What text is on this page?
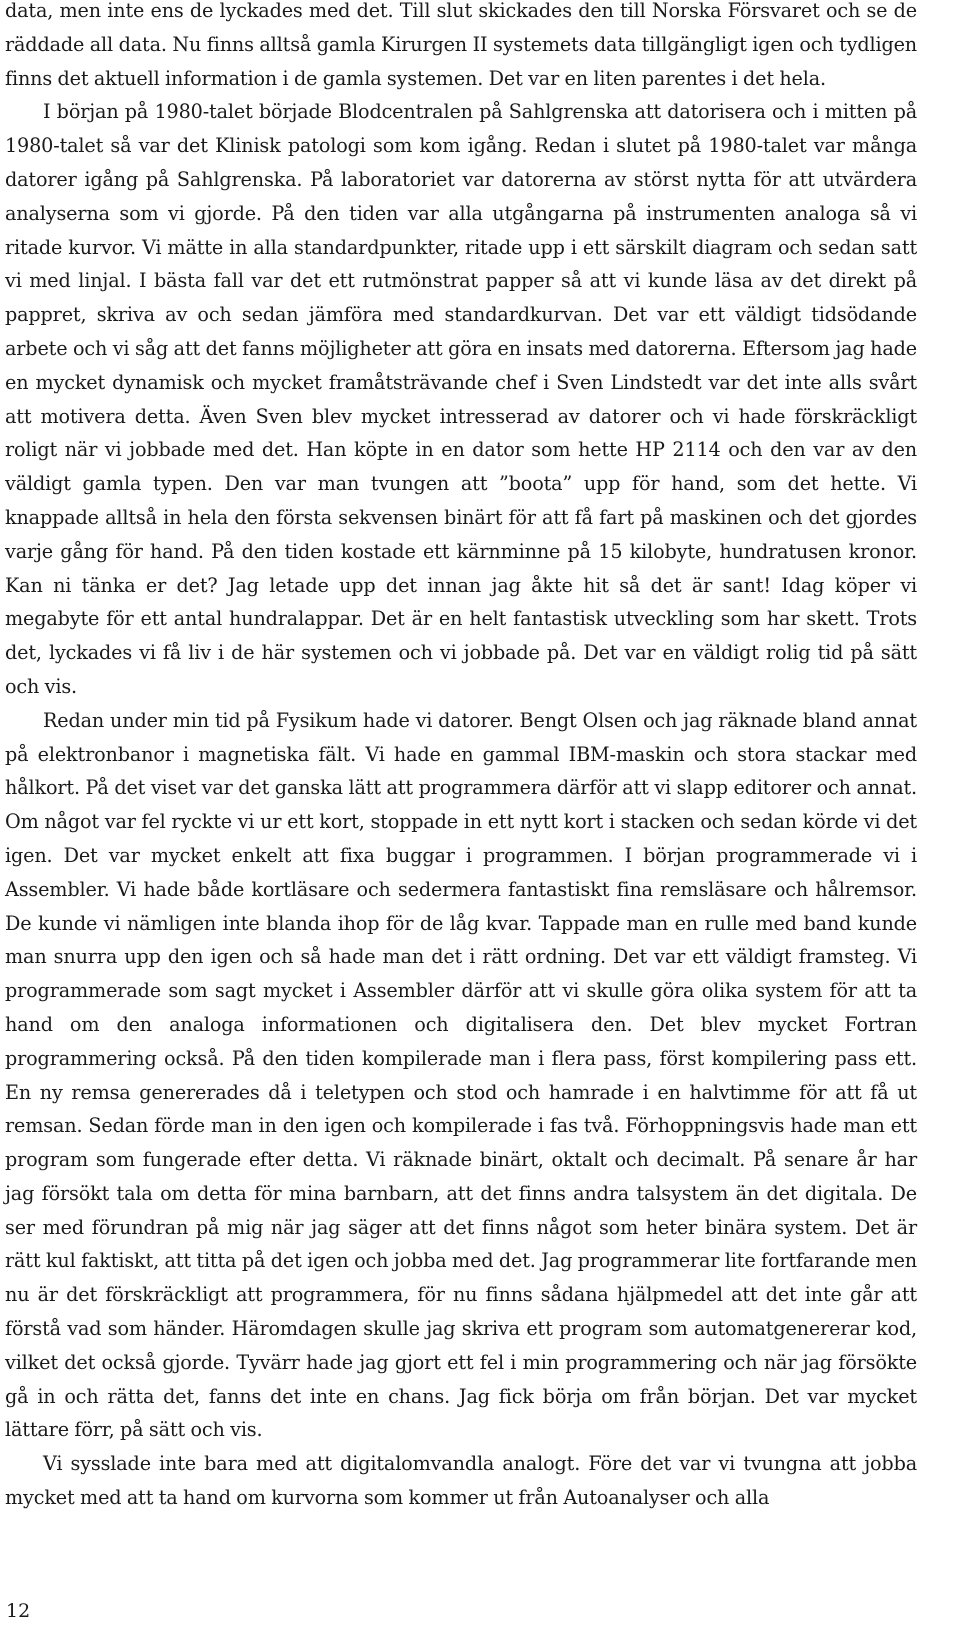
data, men inte ens de lyckades med det. Till slut skickades den till Norska Försvaret och se de räddade all data. Nu finns alltså gamla Kirurgen II systemets data tillgängligt igen och tydligen finns det aktuell information i de gamla systemen. Det var en liten parentes i det hela.

I början på 1980-talet började Blodcentralen på Sahlgrenska att datorisera och i mitten på 1980-talet så var det Klinisk patologi som kom igång. Redan i slutet på 1980-talet var många datorer igång på Sahlgrenska. På laboratoriet var datorerna av störst nytta för att utvärdera analyserna som vi gjorde. På den tiden var alla utgångarna på instrumenten analoga så vi ritade kurvor. Vi mätte in alla standardpunkter, ritade upp i ett särskilt diagram och sedan satt vi med linjal. I bästa fall var det ett rutmönstrat papper så att vi kunde läsa av det direkt på pappret, skriva av och sedan jämföra med standardkurvan. Det var ett väldigt tidsödande arbete och vi såg att det fanns möjligheter att göra en insats med datorerna. Eftersom jag hade en mycket dynamisk och mycket framåtsträvande chef i Sven Lindstedt var det inte alls svårt att motivera detta. Även Sven blev mycket intresserad av datorer och vi hade förskräckligt roligt när vi jobbade med det. Han köpte in en dator som hette HP 2114 och den var av den väldigt gamla typen. Den var man tvungen att ”boota” upp för hand, som det hette. Vi knappade alltså in hela den första sekvensen binärt för att få fart på maskinen och det gjordes varje gång för hand. På den tiden kostade ett kärnminne på 15 kilobyte, hundratusen kronor. Kan ni tänka er det? Jag letade upp det innan jag åkte hit så det är sant! Idag köper vi megabyte för ett antal hundralappar. Det är en helt fantastisk utveckling som har skett. Trots det, lyckades vi få liv i de här systemen och vi jobbade på. Det var en väldigt rolig tid på sätt och vis.

Redan under min tid på Fysikum hade vi datorer. Bengt Olsen och jag räknade bland annat på elektronbanor i magnetiska fält. Vi hade en gammal IBM-maskin och stora stackar med hålkort. På det viset var det ganska lätt att programmera därför att vi slapp editorer och annat. Om något var fel ryckte vi ur ett kort, stoppade in ett nytt kort i stacken och sedan körde vi det igen. Det var mycket enkelt att fixa buggar i programmen. I början programmerade vi i Assembler. Vi hade både kortläsare och sedermera fantastiskt fina remsläsare och hålremsor. De kunde vi nämligen inte blanda ihop för de låg kvar. Tappade man en rulle med band kunde man snurra upp den igen och så hade man det i rätt ordning. Det var ett väldigt framsteg. Vi programmerade som sagt mycket i Assembler därför att vi skulle göra olika system för att ta hand om den analoga informationen och digitalisera den. Det blev mycket Fortran programmering också. På den tiden kompilerade man i flera pass, först kompilering pass ett. En ny remsa genererades då i teletypen och stod och hamrade i en halvtimme för att få ut remsan. Sedan förde man in den igen och kompilerade i fas två. Förhoppningsvis hade man ett program som fungerade efter detta. Vi räknade binärt, oktalt och decimalt. På senare år har jag försökt tala om detta för mina barnbarn, att det finns andra talsystem än det digitala. De ser med förundran på mig när jag säger att det finns något som heter binära system. Det är rätt kul faktiskt, att titta på det igen och jobba med det. Jag programmerar lite fortfarande men nu är det förskräckligt att programmera, för nu finns sådana hjälpmedel att det inte går att förstå vad som händer. Häromdagen skulle jag skriva ett program som automatgenererar kod, vilket det också gjorde. Tyvärr hade jag gjort ett fel i min programmering och när jag försökte gå in och rätta det, fanns det inte en chans. Jag fick börja om från början. Det var mycket lättare förr, på sätt och vis.

Vi sysslade inte bara med att digitalomvandla analogt. Före det var vi tvungna att jobba mycket med att ta hand om kurvorna som kommer ut från Autoanalyser och alla

12
